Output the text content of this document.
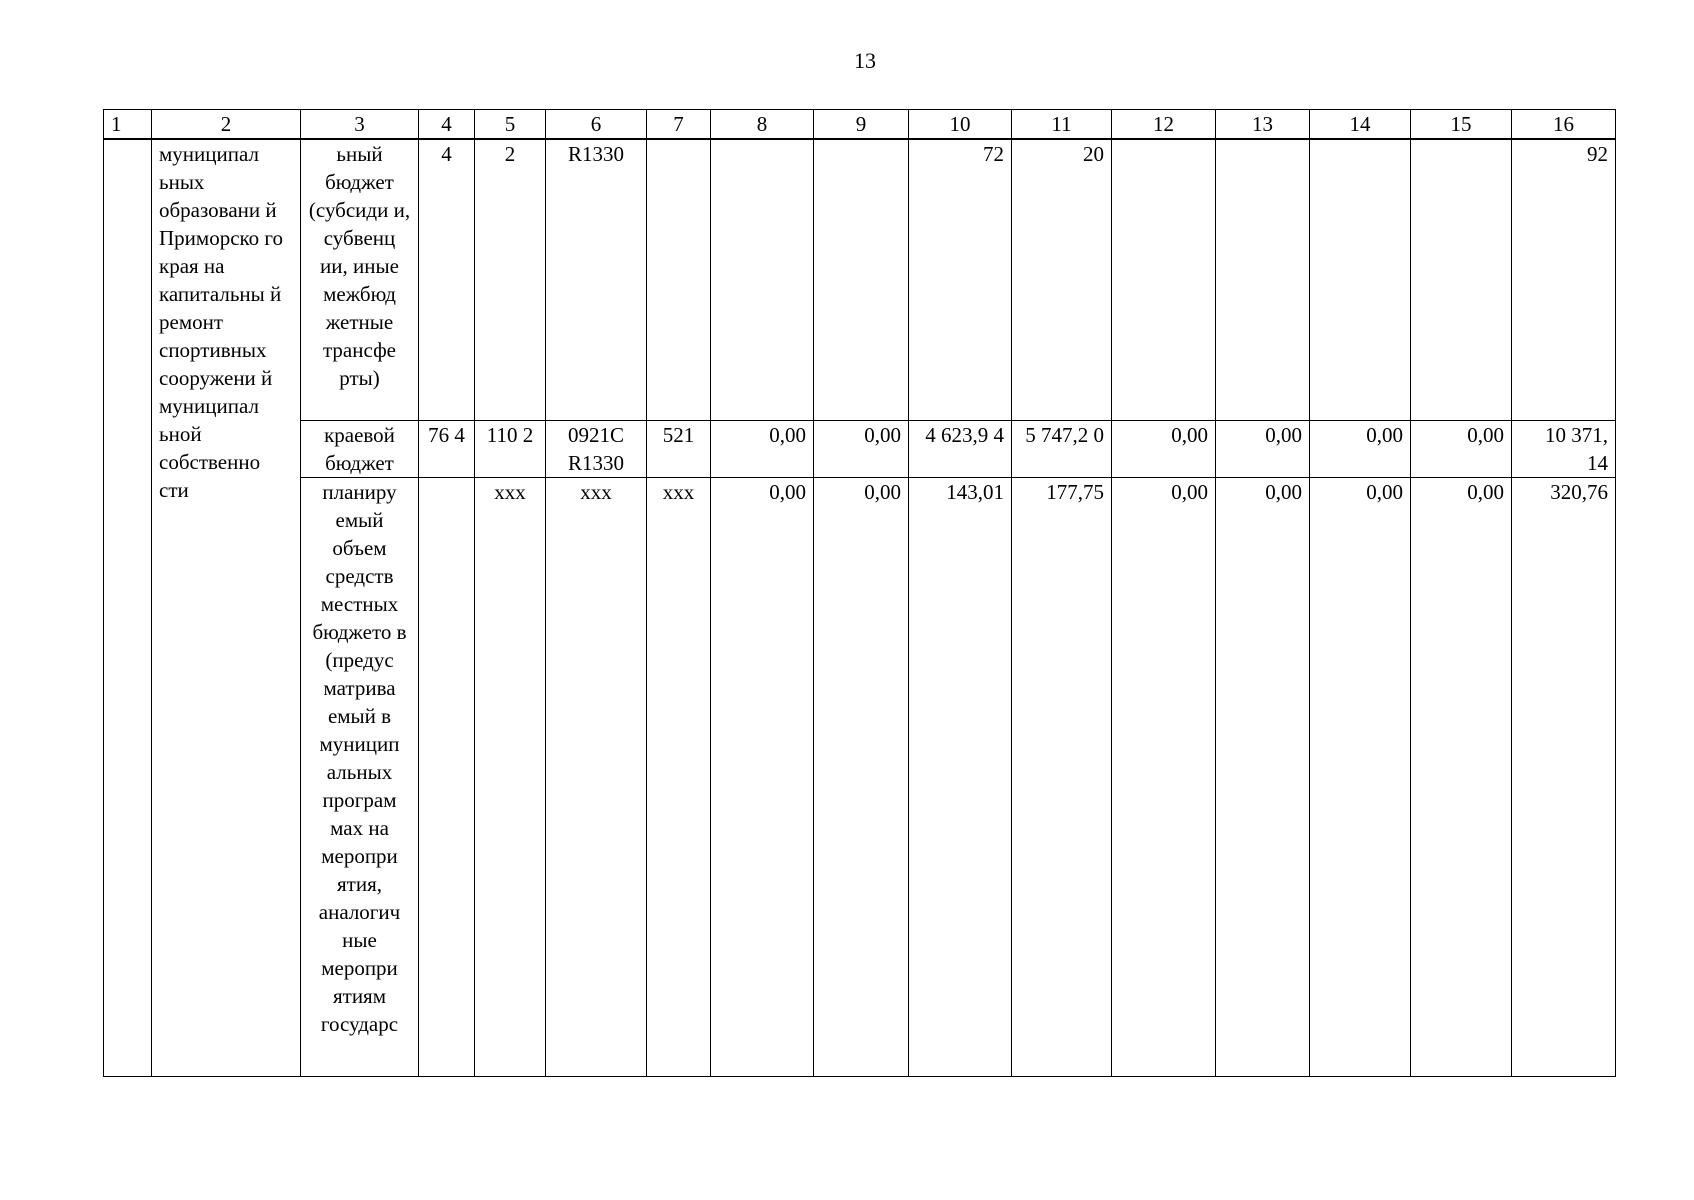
13
1	2	3	4	5	6	7	8	9	10	11	12	13	14	15	16
	муниципал ьных образовани й Приморско го края на капитальны й ремонт спортивных сооружени й муниципал ьной собственно сти	ьный бюджет (субсиди и, субвенц ии, иные межбюд жетные трансфе рты)	4	2	R1330				72	20					92
		краевой бюджет	76 4	110 2	0921С R1330	521	0,00	0,00	4 623,9 4	5 747,2 0	0,00	0,00	0,00	0,00	10 371, 14
		планиру емый объем средств местных бюджето в (предус матрива емый в муницип альных програм мах на меропри ятия, аналогич ные меропри ятиям государс		ххх	ххх	ххх	0,00	0,00	143,01	177,75	0,00	0,00	0,00	0,00	320,76
